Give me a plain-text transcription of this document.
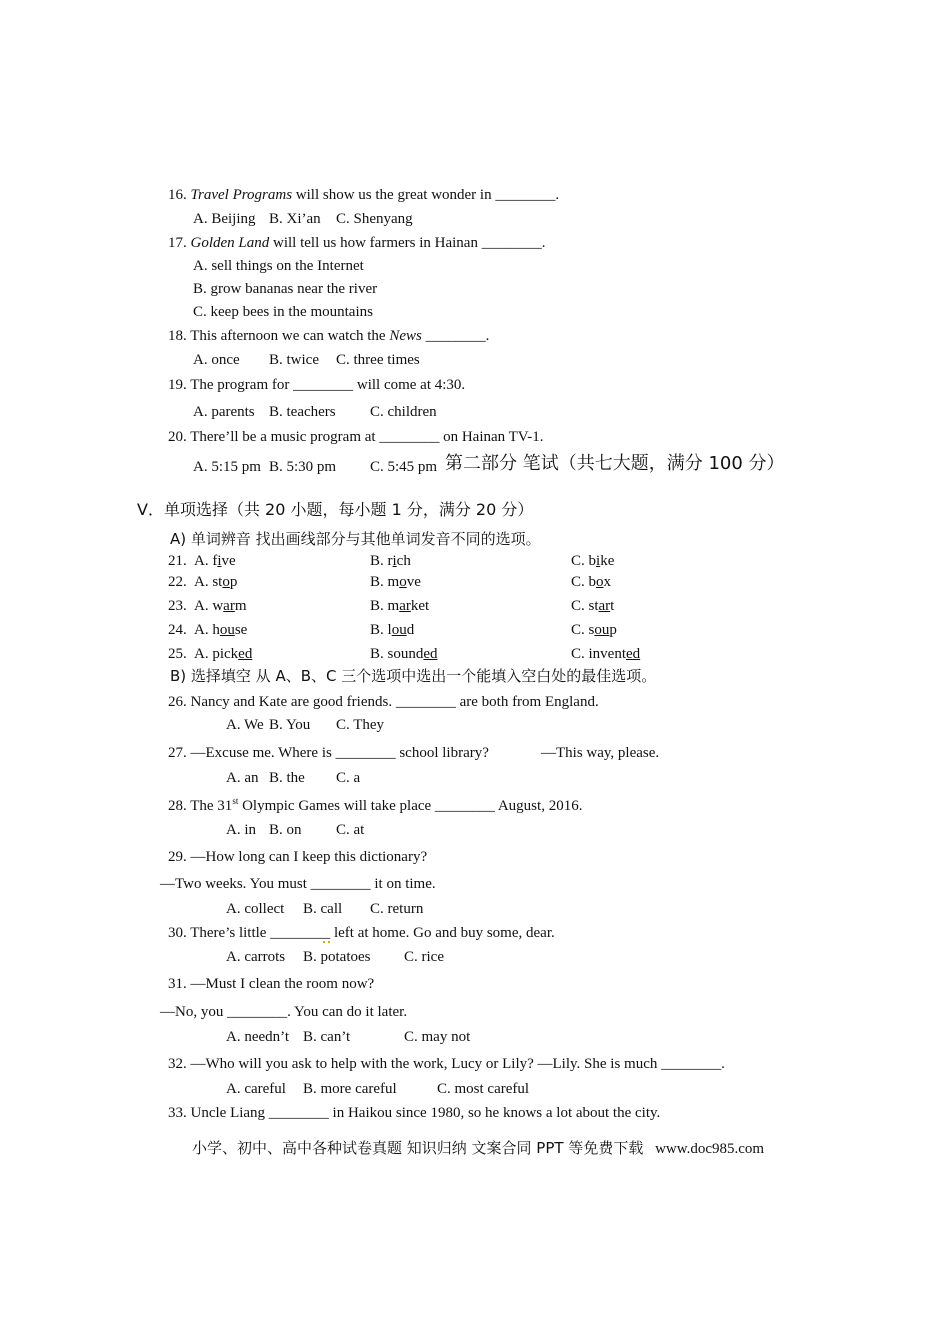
16. Travel Programs will show us the great wonder in ________.
A. Beijing B. Xi’an C. Shenyang
17. Golden Land will tell us how farmers in Hainan ________.
A. sell things on the Internet
B. grow bananas near the river
C. keep bees in the mountains
18. This afternoon we can watch the News ________.
A. once B. twice C. three times
19. The program for ________ will come at 4:30.
A. parents B. teachers C. children
20. There’ll be a music program at ________ on Hainan TV-1.
A. 5:15 pm B. 5:30 pm C. 5:45 pm 第二部分 笔试（共七大题，满分 100 分）
Ⅴ．单项选择（共 20 小题，每小题 1 分，满分 20 分）
A) 单词辨音 找出画线部分与其他单词发音不同的选项。
21. A. five	B. rich	C. bike
22. A. stop	B. move	C. box
23. A. warm	B. market	C. start
24. A. house	B. loud	C. soup
25. A. picked	B. sounded	C. invented
B) 选择填空 从 A、B、C 三个选项中选出一个能填入空白处的最佳选项。
26. Nancy and Kate are good friends. ________ are both from England.
A. We B. You C. They
27. —Excuse me. Where is ________ school library?	—This way, please.
A. an B. the C. a
28. The 31st Olympic Games will take place ________ August, 2016.
A. in B. on C. at
29. —How long can I keep this dictionary?
—Two weeks. You must ________ it on time.
A. collect B. call C. return
30. There’s little ________ left at home. Go and buy some, dear.
A. carrots B. potatoes C. rice
31. —Must I clean the room now?
—No, you ________. You can do it later.
A. needn’t B. can’t	C. may not
32. —Who will you ask to help with the work, Lucy or Lily? —Lily. She is much ________.
A. careful B. more careful	C. most careful
33. Uncle Liang ________ in Haikou since 1980, so he knows a lot about the city.
小学、初中、高中各种试卷真题 知识归纳 文案合同 PPT 等免费下载 www.doc985.com
